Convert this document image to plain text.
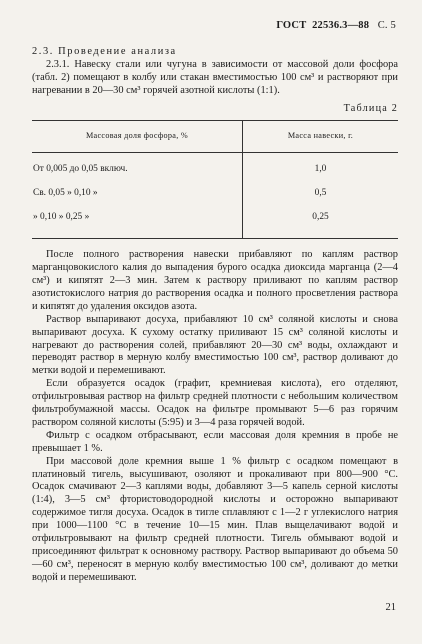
ГОСТ 22536.3—88 С. 5
2.3. Проведение анализа

2.3.1. Навеску стали или чугуна в зависимости от массовой доли фосфора (табл. 2) помещают в колбу или стакан вместимостью 100 см³ и растворяют при нагревании в 20—30 см³ горячей азотной кислоты (1:1).

Таблица 2
Массовая доля фосфора, %	Масса навески, г.
От 0,005 до 0,05 включ.	1,0
Св. 0,05 » 0,10 »	0,5
» 0,10 » 0,25 »	0,25

После полного растворения навески прибавляют по каплям раствор марганцовокислого калия до выпадения бурого осадка диоксида марганца (2—4 см³) и кипятят 2—3 мин. Затем к раствору приливают по каплям раствор азотистокислого натрия до растворения осадка и полного просветления раствора и кипятят до удаления оксидов азота.

Раствор выпаривают досуха, прибавляют 10 см³ соляной кислоты и снова выпаривают досуха. К сухому остатку приливают 15 см³ соляной кислоты и нагревают до растворения солей, прибавляют 20—30 см³ воды, охлаждают и переводят раствор в мерную колбу вместимостью 100 см³, раствор доливают до метки водой и перемешивают.

Если образуется осадок (графит, кремниевая кислота), его отделяют, отфильтровывая раствор на фильтр средней плотности с небольшим количеством фильтробумажной массы. Осадок на фильтре промывают 5—6 раз горячим раствором соляной кислоты (5:95) и 3—4 раза горячей водой.

Фильтр с осадком отбрасывают, если массовая доля кремния в пробе не превышает 1 %.

При массовой доле кремния выше 1 % фильтр с осадком помещают в платиновый тигель, высушивают, озоляют и прокаливают при 800—900 °С. Осадок смачивают 2—3 каплями воды, добавляют 3—5 капель серной кислоты (1:4), 3—5 см³ фтористоводородной кислоты и осторожно выпаривают содержимое тигля досуха. Осадок в тигле сплавляют с 1—2 г углекислого натрия при 1000—1100 °С в течение 10—15 мин. Плав выщелачивают водой и отфильтровывают на фильтр средней плотности. Тигель обмывают водой и присоединяют фильтрат к основному раствору. Раствор выпаривают до объема 50—60 см³, переносят в мерную колбу вместимостью 100 см³, доливают до метки водой и перемешивают.

21
